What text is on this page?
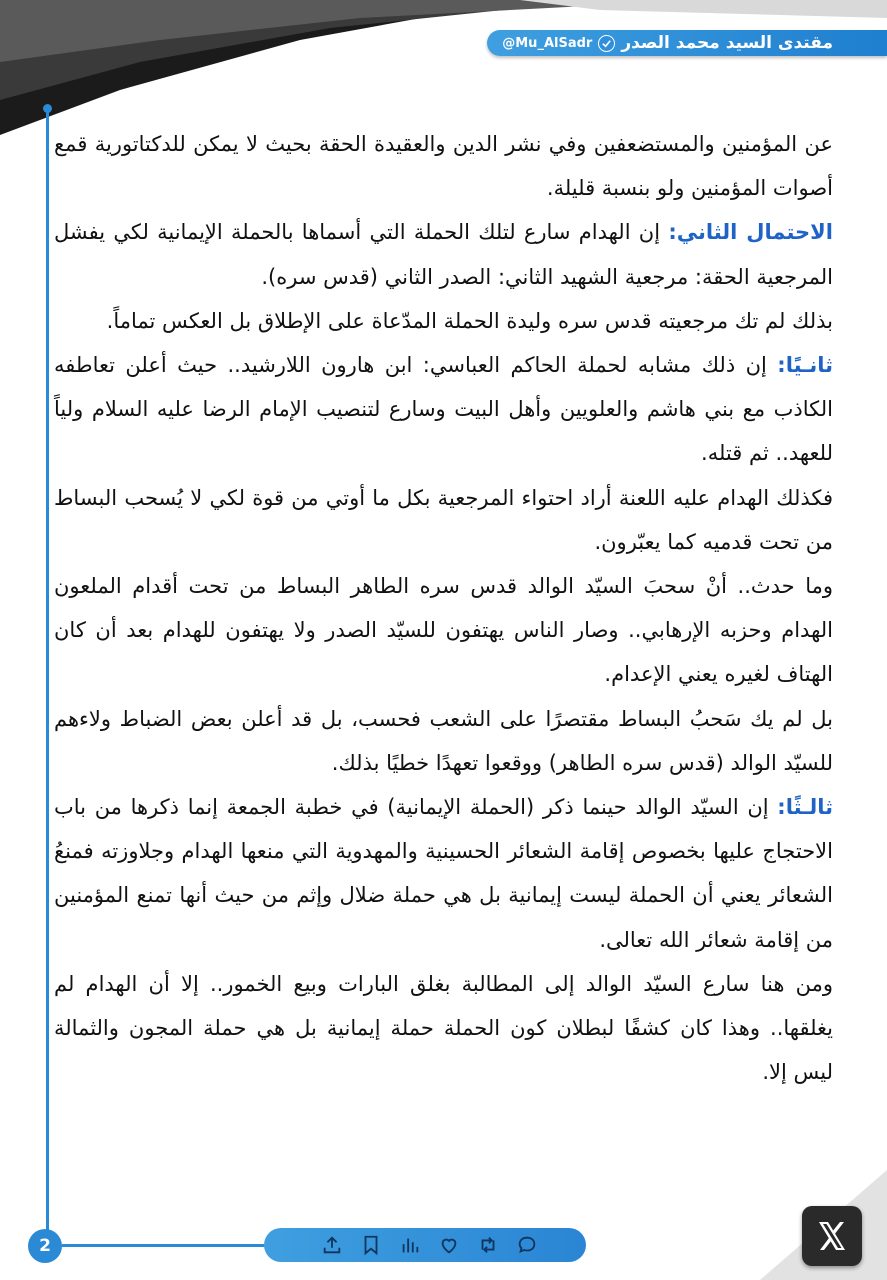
مقتدى السيد محمد الصدر
@Mu_AlSadr

عن المؤمنين والمستضعفين وفي نشر الدين والعقيدة الحقة بحيث لا يمكن للدكتاتورية قمع أصوات المؤمنين ولو بنسبة قليلة.

الاحتمال الثاني: إن الهدام سارع لتلك الحملة التي أسماها بالحملة الإيمانية لكي يفشل المرجعية الحقة: مرجعية الشهيد الثاني: الصدر الثاني (قدس سره).

بذلك لم تك مرجعيته قدس سره وليدة الحملة المدّعاة على الإطلاق بل العكس تماماً.

ثانـيًا: إن ذلك مشابه لحملة الحاكم العباسي: ابن هارون اللارشيد.. حيث أعلن تعاطفه الكاذب مع بني هاشم والعلويين وأهل البيت وسارع لتنصيب الإمام الرضا عليه السلام ولياً للعهد.. ثم قتله.

فكذلك الهدام عليه اللعنة أراد احتواء المرجعية بكل ما أوتي من قوة لكي لا يُسحب البساط من تحت قدميه كما يعبّرون.

وما حدث.. أنْ سحبَ السيّد الوالد قدس سره الطاهر البساط من تحت أقدام الملعون الهدام وحزبه الإرهابي.. وصار الناس يهتفون للسيّد الصدر ولا يهتفون للهدام بعد أن كان الهتاف لغيره يعني الإعدام.

بل لم يك سَحبُ البساط مقتصرًا على الشعب فحسب، بل قد أعلن بعض الضباط ولاءهم للسيّد الوالد (قدس سره الطاهر) ووقعوا تعهدًا خطيًا بذلك.

ثالـثًا: إن السيّد الوالد حينما ذكر (الحملة الإيمانية) في خطبة الجمعة إنما ذكرها من باب الاحتجاج عليها بخصوص إقامة الشعائر الحسينية والمهدوية التي منعها الهدام وجلاوزته فمنعُ الشعائر يعني أن الحملة ليست إيمانية بل هي حملة ضلال وإثم من حيث أنها تمنع المؤمنين من إقامة شعائر الله تعالى.

ومن هنا سارع السيّد الوالد إلى المطالبة بغلق البارات وبيع الخمور.. إلا أن الهدام لم يغلقها.. وهذا كان كشفًا لبطلان كون الحملة حملة إيمانية بل هي حملة المجون والثمالة ليس إلا.

2
